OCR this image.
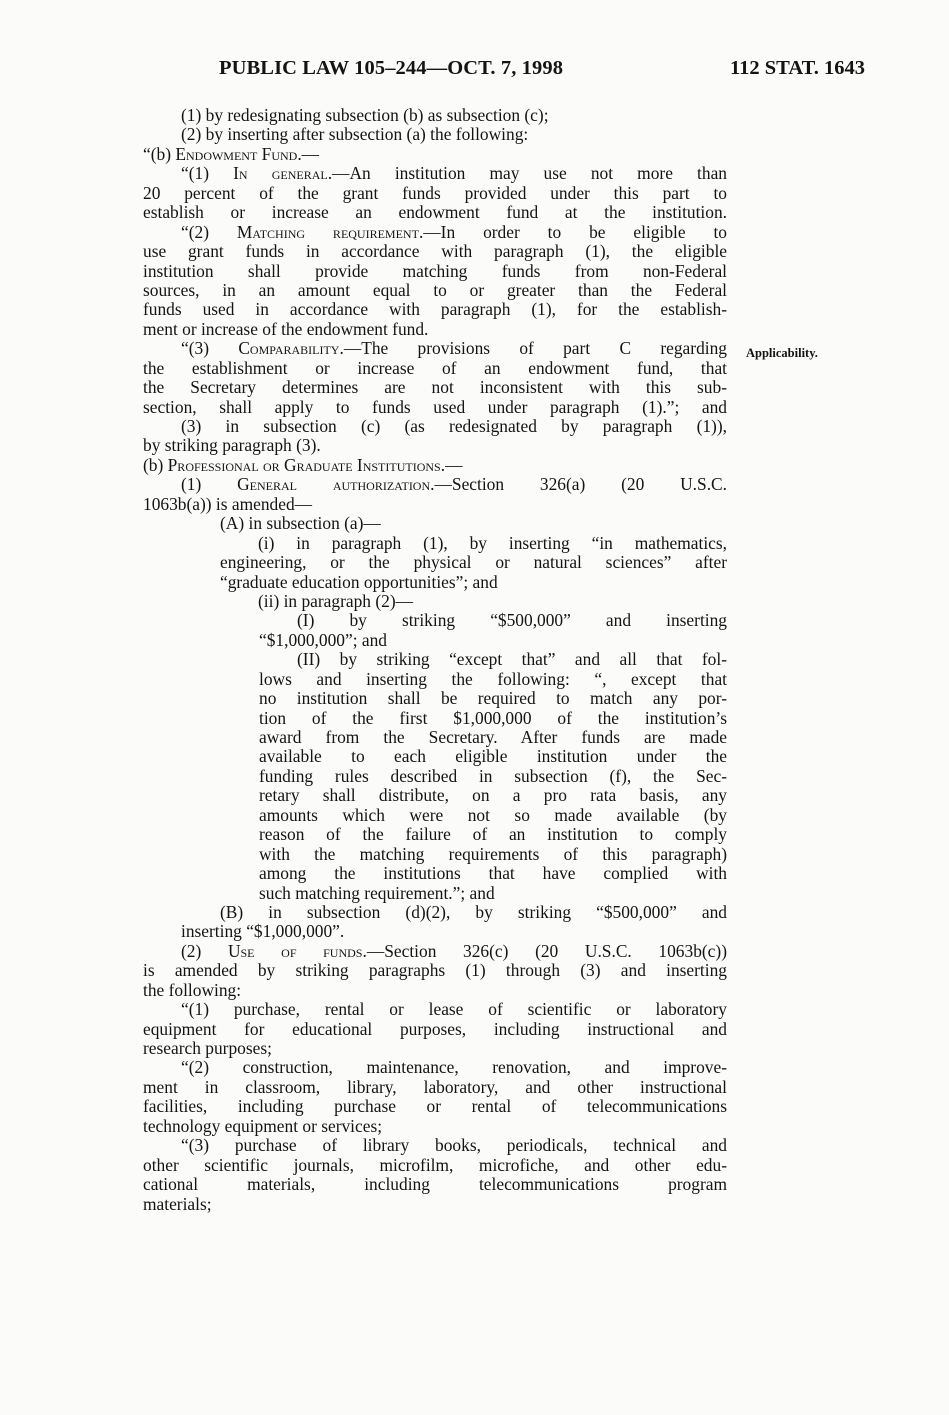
PUBLIC LAW 105–244—OCT. 7, 1998	112 STAT. 1643
Applicability.
(1) by redesignating subsection (b) as subsection (c);
(2) by inserting after subsection (a) the following:
“(b) Endowment Fund.—
“(1) In general.—An institution may use not more than
20 percent of the grant funds provided under this part to
establish or increase an endowment fund at the institution.
“(2) Matching requirement.—In order to be eligible to
use grant funds in accordance with paragraph (1), the eligible
institution shall provide matching funds from non-Federal
sources, in an amount equal to or greater than the Federal
funds used in accordance with paragraph (1), for the establish-
ment or increase of the endowment fund.
“(3) Comparability.—The provisions of part C regarding
the establishment or increase of an endowment fund, that
the Secretary determines are not inconsistent with this sub-
section, shall apply to funds used under paragraph (1).”; and
(3) in subsection (c) (as redesignated by paragraph (1)),
by striking paragraph (3).
(b) Professional or Graduate Institutions.—
(1) General authorization.—Section 326(a) (20 U.S.C.
1063b(a)) is amended—
(A) in subsection (a)—
(i) in paragraph (1), by inserting “in mathematics,
engineering, or the physical or natural sciences” after
“graduate education opportunities”; and
(ii) in paragraph (2)—
(I) by striking “$500,000” and inserting
“$1,000,000”; and
(II) by striking “except that” and all that fol-
lows and inserting the following: “, except that
no institution shall be required to match any por-
tion of the first $1,000,000 of the institution’s
award from the Secretary. After funds are made
available to each eligible institution under the
funding rules described in subsection (f), the Sec-
retary shall distribute, on a pro rata basis, any
amounts which were not so made available (by
reason of the failure of an institution to comply
with the matching requirements of this paragraph)
among the institutions that have complied with
such matching requirement.”; and
(B) in subsection (d)(2), by striking “$500,000” and
inserting “$1,000,000”.
(2) Use of funds.—Section 326(c) (20 U.S.C. 1063b(c))
is amended by striking paragraphs (1) through (3) and inserting
the following:
“(1) purchase, rental or lease of scientific or laboratory
equipment for educational purposes, including instructional and
research purposes;
“(2) construction, maintenance, renovation, and improve-
ment in classroom, library, laboratory, and other instructional
facilities, including purchase or rental of telecommunications
technology equipment or services;
“(3) purchase of library books, periodicals, technical and
other scientific journals, microfilm, microfiche, and other edu-
cational materials, including telecommunications program
materials;
